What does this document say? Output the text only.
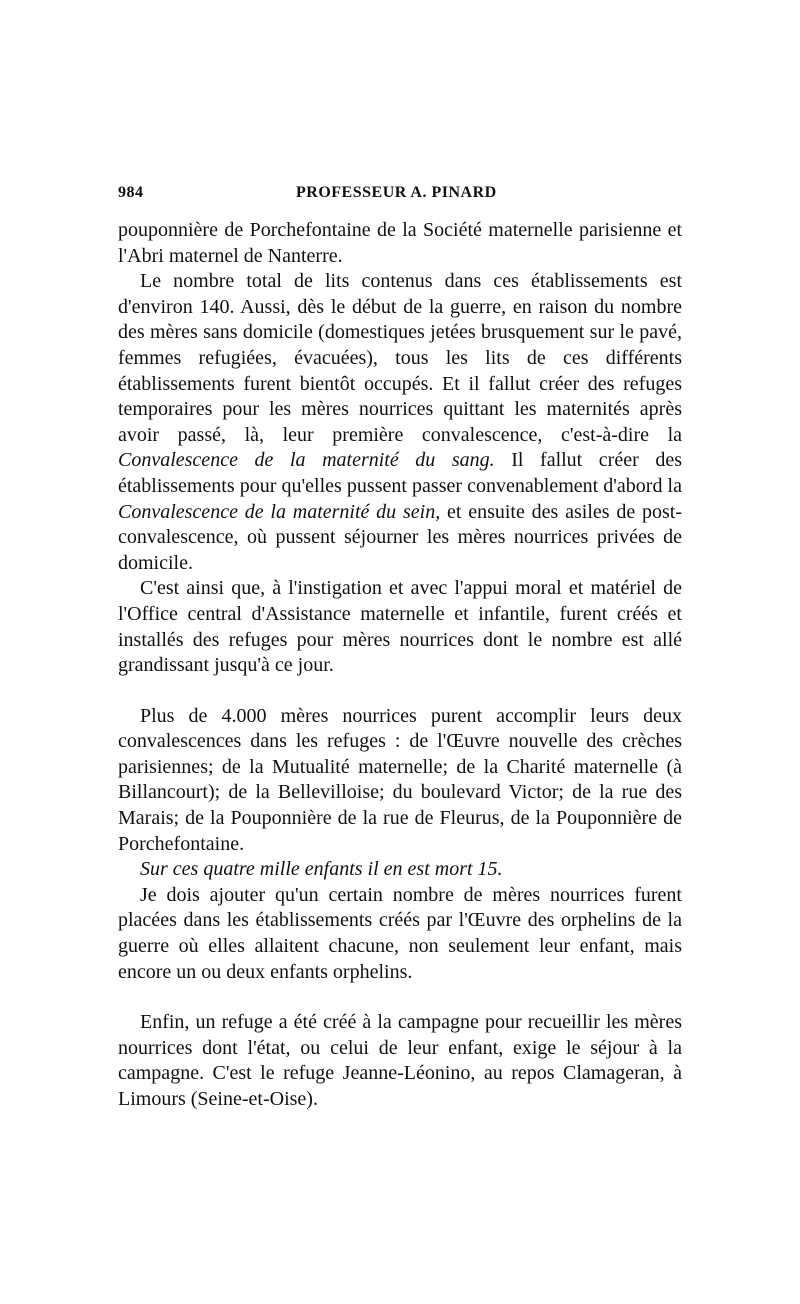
984	PROFESSEUR A. PINARD

pouponnière de Porchefontaine de la Société maternelle parisienne et l'Abri maternel de Nanterre.

Le nombre total de lits contenus dans ces établissements est d'environ 140. Aussi, dès le début de la guerre, en raison du nombre des mères sans domicile (domestiques jetées brusquement sur le pavé, femmes refugiées, évacuées), tous les lits de ces différents établissements furent bientôt occupés. Et il fallut créer des refuges temporaires pour les mères nourrices quittant les maternités après avoir passé, là, leur première convalescence, c'est-à-dire la Convalescence de la maternité du sang. Il fallut créer des établissements pour qu'elles pussent passer convenablement d'abord la Convalescence de la maternité du sein, et ensuite des asiles de post-convalescence, où pussent séjourner les mères nourrices privées de domicile.

C'est ainsi que, à l'instigation et avec l'appui moral et matériel de l'Office central d'Assistance maternelle et infantile, furent créés et installés des refuges pour mères nourrices dont le nombre est allé grandissant jusqu'à ce jour.

Plus de 4.000 mères nourrices purent accomplir leurs deux convalescences dans les refuges : de l'Œuvre nouvelle des crèches parisiennes; de la Mutualité maternelle; de la Charité maternelle (à Billancourt); de la Bellevilloise; du boulevard Victor; de la rue des Marais; de la Pouponnière de la rue de Fleurus, de la Pouponnière de Porchefontaine.

Sur ces quatre mille enfants il en est mort 15.

Je dois ajouter qu'un certain nombre de mères nourrices furent placées dans les établissements créés par l'Œuvre des orphelins de la guerre où elles allaitent chacune, non seulement leur enfant, mais encore un ou deux enfants orphelins.

Enfin, un refuge a été créé à la campagne pour recueillir les mères nourrices dont l'état, ou celui de leur enfant, exige le séjour à la campagne. C'est le refuge Jeanne-Léonino, au repos Clamageran, à Limours (Seine-et-Oise).
